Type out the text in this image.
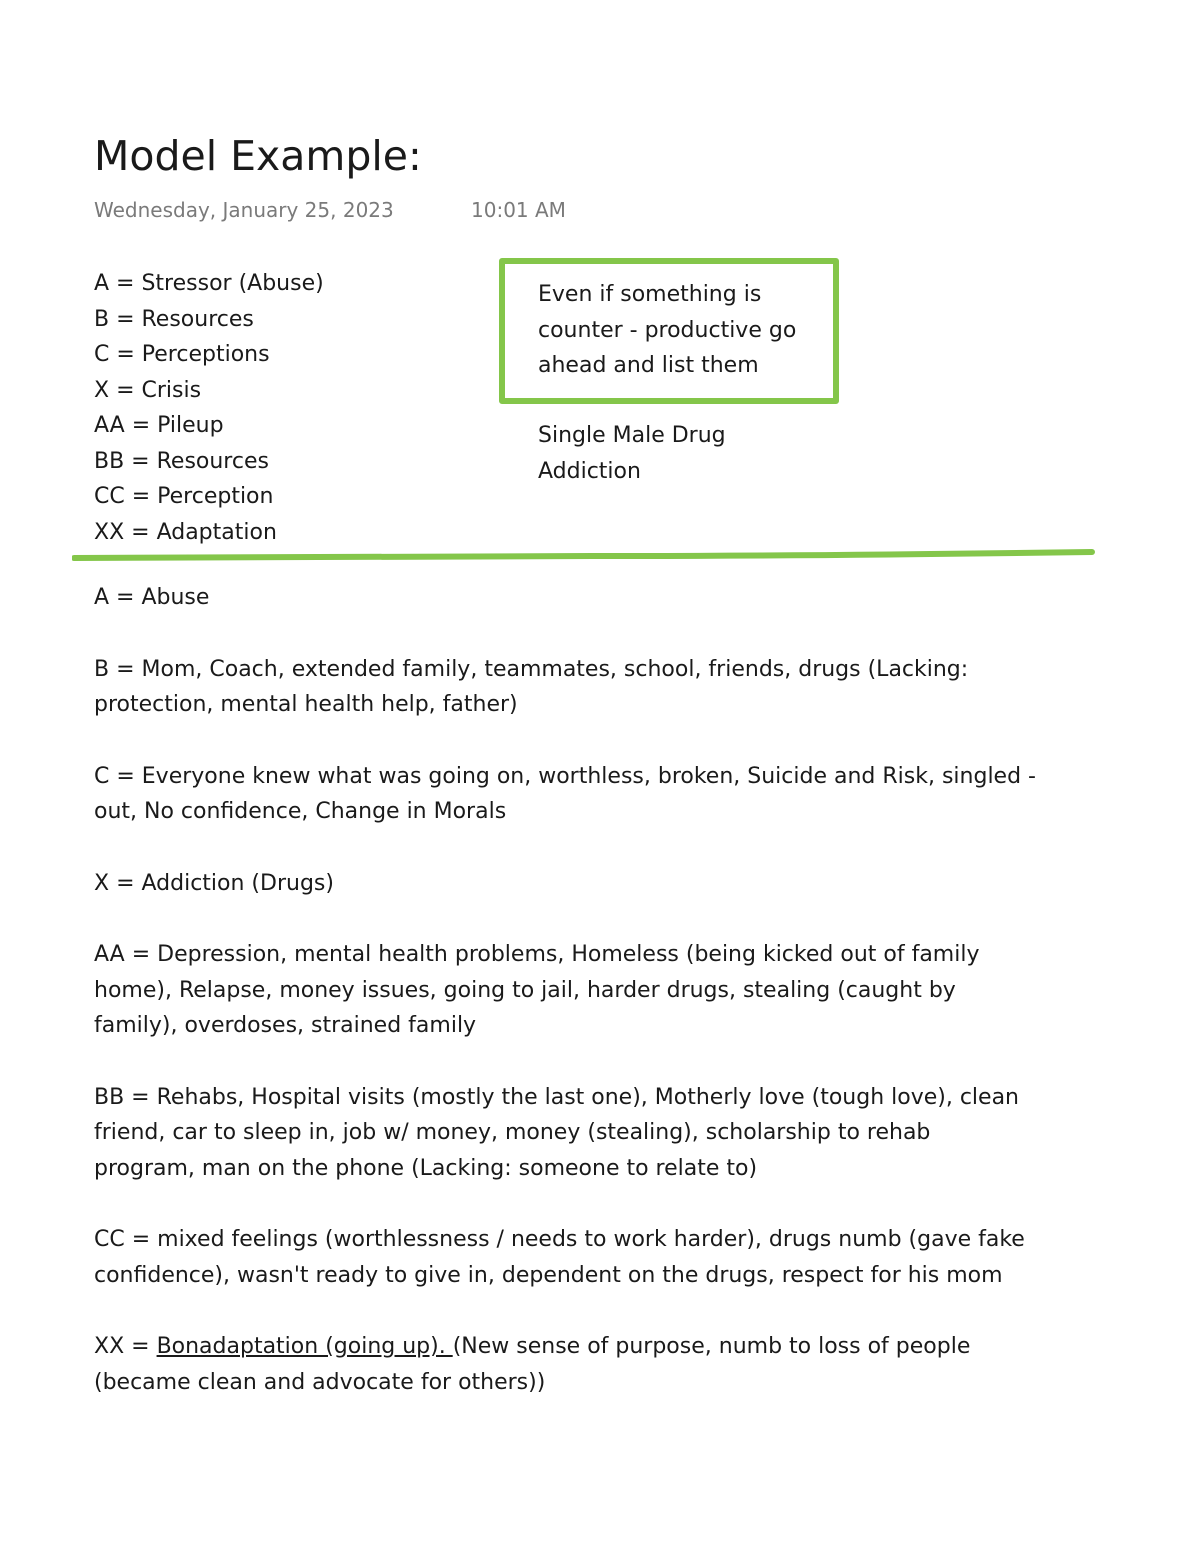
Model Example:
Wednesday, January 25, 2023	10:01 AM
A = Stressor (Abuse)
B = Resources
C = Perceptions
X = Crisis
AA = Pileup
BB = Resources
CC = Perception
XX = Adaptation

Even if something is
counter - productive go
ahead and list them

Single Male Drug
Addiction

A = Abuse

B = Mom, Coach, extended family, teammates, school, friends, drugs (Lacking:
protection, mental health help, father)

C = Everyone knew what was going on, worthless, broken, Suicide and Risk, singled -
out, No confidence, Change in Morals

X = Addiction (Drugs)

AA = Depression, mental health problems, Homeless (being kicked out of family
home), Relapse, money issues, going to jail, harder drugs, stealing (caught by
family), overdoses, strained family

BB = Rehabs, Hospital visits (mostly the last one), Motherly love (tough love), clean
friend, car to sleep in, job w/ money, money (stealing), scholarship to rehab
program, man on the phone (Lacking: someone to relate to)

CC = mixed feelings (worthlessness / needs to work harder), drugs numb (gave fake
confidence), wasn't ready to give in, dependent on the drugs, respect for his mom

XX = Bonadaptation (going up). (New sense of purpose, numb to loss of people
(became clean and advocate for others))
